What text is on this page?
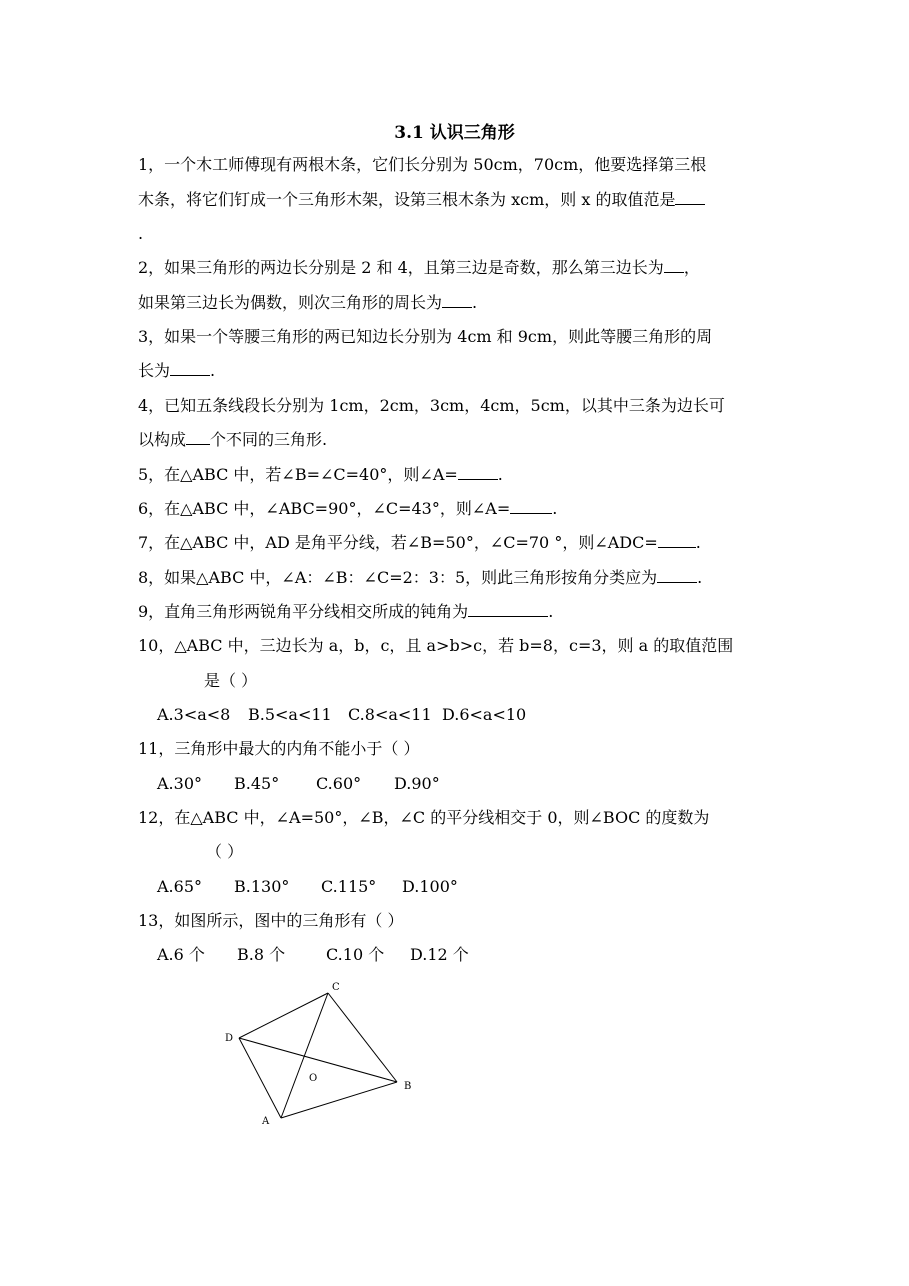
3.1 认识三角形
1，一个木工师傅现有两根木条，它们长分别为 50cm，70cm，他要选择第三根
木条，将它们钉成一个三角形木架，设第三根木条为 xcm，则 x 的取值范是
.
2，如果三角形的两边长分别是 2 和 4，且第三边是奇数，那么第三边长为 ，
如果第三边长为偶数，则次三角形的周长为 .
3，如果一个等腰三角形的两已知边长分别为 4cm 和 9cm，则此等腰三角形的周
长为	.
4，已知五条线段长分别为 1cm，2cm，3cm，4cm，5cm，以其中三条为边长可
以构成 个不同的三角形.
5，在△ABC 中，若∠B=∠C=40°，则∠A=	.
6，在△ABC 中，∠ABC=90°，∠C=43°，则∠A=	.
7，在△ABC 中，AD 是角平分线，若∠B=50°，∠C=70 °，则∠ADC= .
8，如果△ABC 中，∠A：∠B：∠C=2：3：5，则此三角形按角分类应为	.
9，直角三角形两锐角平分线相交所成的钝角为	.
10，△ABC 中，三边长为 a，b，c，且 a>b>c，若 b=8，c=3，则 a 的取值范围
是（ ）
A.3<a<8 B.5<a<11 C.8<a<11 D.6<a<10
11，三角形中最大的内角不能小于（ ）
A.30° B.45° C.60° D.90°
12，在△ABC 中，∠A=50°，∠B，∠C 的平分线相交于 0，则∠BOC 的度数为
（ ）
A.65° B.130° C.115° D.100°
13，如图所示，图中的三角形有（ ）
A.6 个 B.8 个	C.10 个 D.12 个
C
D
O
B
A
